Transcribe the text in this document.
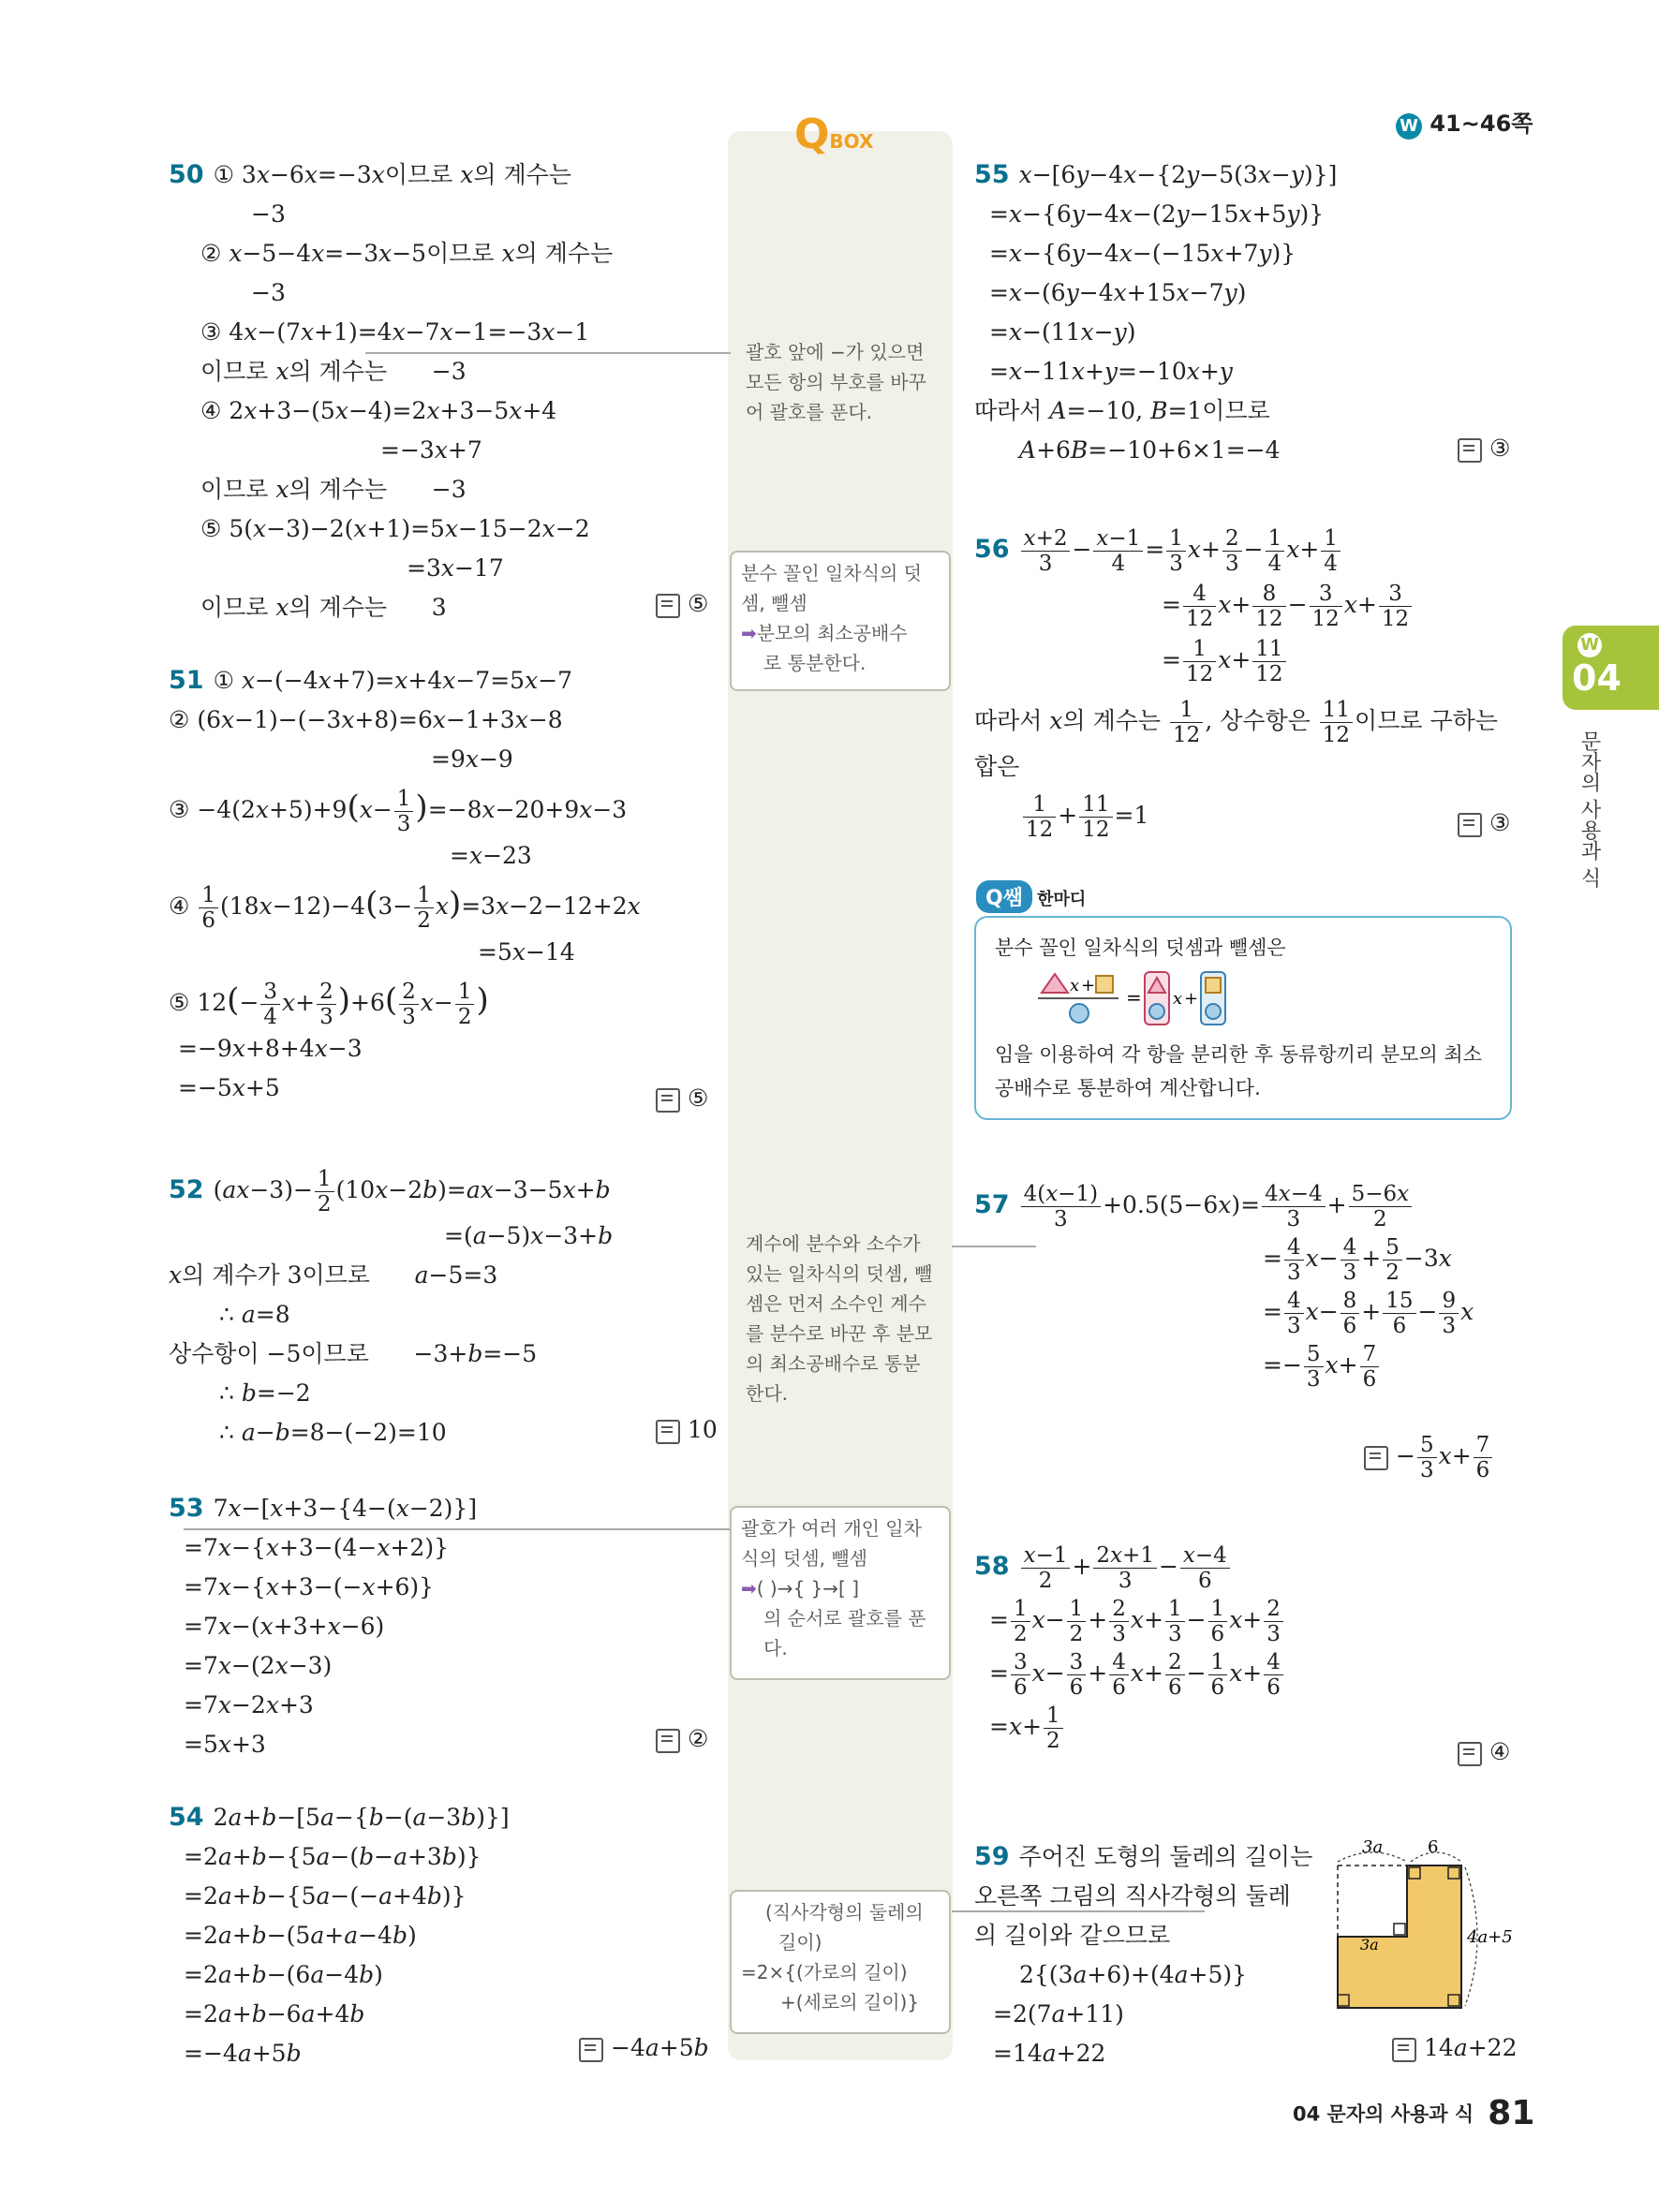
W 41~46쪽
QBOX
W
04
문자의 사용과 식
50 ① 3x−6x=−3x이므로 x의 계수는
−3
② x−5−4x=−3x−5이므로 x의 계수는
−3
③ 4x−(7x+1)=4x−7x−1=−3x−1
이므로 x의 계수는      −3
④ 2x+3−(5x−4)=2x+3−5x+4
=−3x+7
이므로 x의 계수는      −3
⑤ 5(x−3)−2(x+1)=5x−15−2x−2
=3x−17
이므로 x의 계수는      3	⑤
괄호 앞에 −가 있으면
모든 항의 부호를 바꾸
어 괄호를 푼다.
51 ① x−(−4x+7)=x+4x−7=5x−7
② (6x−1)−(−3x+8)=6x−1+3x−8
=9x−9
③ $-4(2x+5)+9(x- \frac{1}{3} )=-8x-20+9x-3$
=x−23
④ $\frac{1}{6} (18x-12)-4(3- \frac{1}{2} x)=3x-2-12+2x$
=5x−14
⑤ $12(- \frac{3}{4} x+ \frac{2}{3} )+6( \frac{2}{3} x- \frac{1}{2}$ )
=−9x+8+4x−3
=−5x+5	⑤
52 $(ax-3)- \frac{1}{2} (10x-2b)=ax-3-5x+b$
=(a−5)x−3+b
x의 계수가 3이므로      a−5=3
∴ a=8
상수항이 −5이므로      −3+b=−5
∴ b=−2
∴ a−b=8−(−2)=10	10
53 7x−[x+3−{4−(x−2)}]
=7x−{x+3−(4−x+2)}
=7x−{x+3−(−x+6)}
=7x−(x+3+x−6)
=7x−(2x−3)
=7x−2x+3
=5x+3	②
54 2a+b−[5a−{b−(a−3b)}]
=2a+b−{5a−(b−a+3b)}
=2a+b−{5a−(−a+4b)}
=2a+b−(5a+a−4b)
=2a+b−(6a−4b)
=2a+b−6a+4b
=−4a+5b	−4a+5b
분수 꼴인 일차식의 덧
셈, 뺄셈
➡분모의 최소공배수
로 통분한다.
계수에 분수와 소수가
있는 일차식의 덧셈, 뺄
셈은 먼저 소수인 계수
를 분수로 바꾼 후 분모
의 최소공배수로 통분
한다.
괄호가 여러 개인 일차
식의 덧셈, 뺄셈
➡( )→{ }→[ ]
의 순서로 괄호를 푼
다.
(직사각형의 둘레의
길이)
=2×{(가로의 길이)
+(세로의 길이)}
55 x−[6y−4x−{2y−5(3x−y)}]
=x−{6y−4x−(2y−15x+5y)}
=x−{6y−4x−(−15x+7y)}
=x−(6y−4x+15x−7y)
=x−(11x−y)
=x−11x+y=−10x+y
따라서 A=−10, B=1이므로
A+6B=−10+6×1=−4	③
$56 \frac{x+2}{3} - \frac{x-1}{4} = \frac{1}{3} x+ \frac{2}{3} - \frac{1}{4} x+ \frac{1}{4}$
= $\frac{4}{12} x+ \frac{8}{12} - \frac{3}{12} x+ \frac{3}{12}$
= $\frac{1}{12} x+ \frac{11}{12}$
따라서 x의 계수는 $\frac{1}{12}$ , 상수항은 $\frac{11}{12}$ 이므로 구하는
합은
$\frac{1}{12} + \frac{11}{12} =1$	③
Q쌤 한마디
분수 꼴인 일차식의 덧셈과 뺄셈은
x +
= x +
임을 이용하여 각 항을 분리한 후 동류항끼리 분모의 최소
공배수로 통분하여 계산합니다.
$57 \frac{4(x-1)}{3} +0.5(5-6x)= \frac{4x-4}{3} + \frac{5-6x}{2}$
= $\frac{4}{3} x- \frac{4}{3} + \frac{5}{2} -3x$
= $\frac{4}{3} x- \frac{8}{6} + \frac{15}{6} - \frac{9}{3}$ x
=− $\frac{5}{3} x+ \frac{7}{6}$
− $\frac{5}{3} x+ \frac{7}{6}$
$58 \frac{x-1}{2} + \frac{2x+1}{3} - \frac{x-4}{6}$
= $\frac{1}{2} x- \frac{1}{2} + \frac{2}{3} x+ \frac{1}{3} - \frac{1}{6} x+ \frac{2}{3}$
= $\frac{3}{6} x- \frac{3}{6} + \frac{4}{6} x+ \frac{2}{6} - \frac{1}{6} x+ \frac{4}{6}$
$=x+ \frac{1}{2}$	④
59 주어진 도형의 둘레의 길이는
오른쪽 그림의 직사각형의 둘레
의 길이와 같으므로
2{(3a+6)+(4a+5)}
=2(7a+11)
=14a+22	14a+22
3a	6
4a+5
3a
04 문자의 사용과 식 81
